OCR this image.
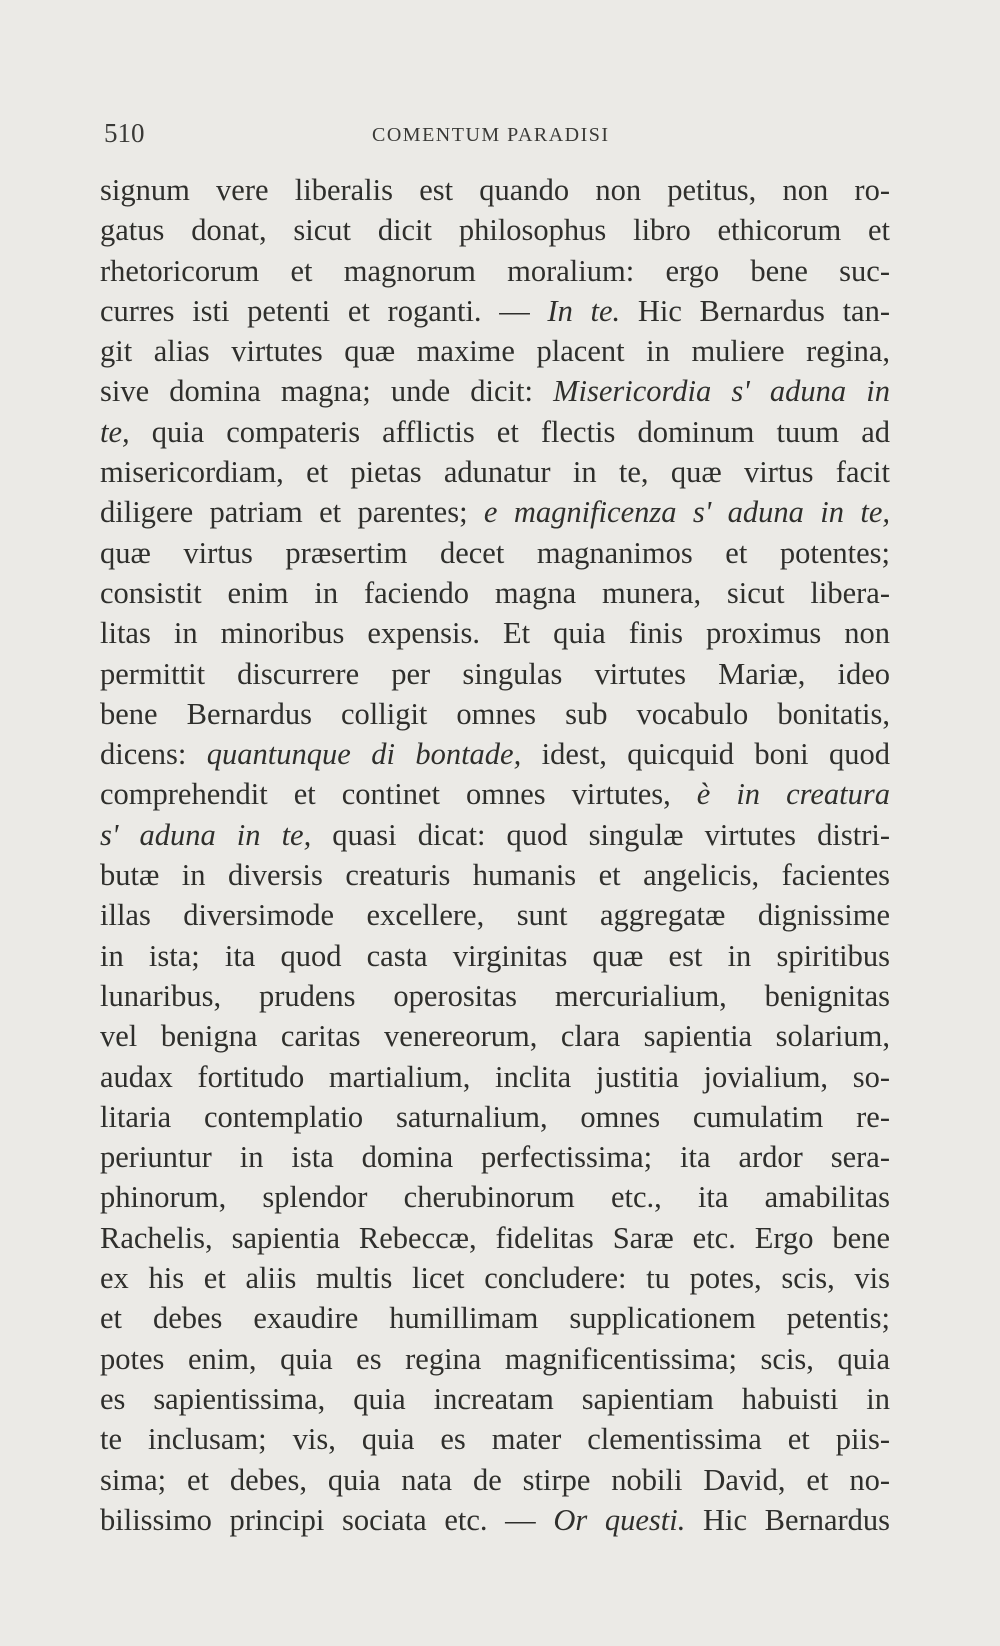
510	COMENTUM PARADISI
signum vere liberalis est quando non petitus, non ro-
gatus donat, sicut dicit philosophus libro ethicorum et
rhetoricorum et magnorum moralium: ergo bene suc-
curres isti petenti et roganti. — In te. Hic Bernardus tan-
git alias virtutes quæ maxime placent in muliere regina,
sive domina magna; unde dicit: Misericordia s' aduna in
te, quia compateris afflictis et flectis dominum tuum ad
misericordiam, et pietas adunatur in te, quæ virtus facit
diligere patriam et parentes; e magnificenza s' aduna in te,
quæ virtus præsertim decet magnanimos et potentes;
consistit enim in faciendo magna munera, sicut libera-
litas in minoribus expensis. Et quia finis proximus non
permittit discurrere per singulas virtutes Mariæ, ideo
bene Bernardus colligit omnes sub vocabulo bonitatis,
dicens: quantunque di bontade, idest, quicquid boni quod
comprehendit et continet omnes virtutes, è in creatura
s' aduna in te, quasi dicat: quod singulæ virtutes distri-
butæ in diversis creaturis humanis et angelicis, facientes
illas diversimode excellere, sunt aggregatæ dignissime
in ista; ita quod casta virginitas quæ est in spiritibus
lunaribus, prudens operositas mercurialium, benignitas
vel benigna caritas venereorum, clara sapientia solarium,
audax fortitudo martialium, inclita justitia jovialium, so-
litaria contemplatio saturnalium, omnes cumulatim re-
periuntur in ista domina perfectissima; ita ardor sera-
phinorum, splendor cherubinorum etc., ita amabilitas
Rachelis, sapientia Rebeccæ, fidelitas Saræ etc. Ergo bene
ex his et aliis multis licet concludere: tu potes, scis, vis
et debes exaudire humillimam supplicationem petentis;
potes enim, quia es regina magnificentissima; scis, quia
es sapientissima, quia increatam sapientiam habuisti in
te inclusam; vis, quia es mater clementissima et piis-
sima; et debes, quia nata de stirpe nobili David, et no-
bilissimo principi sociata etc. — Or questi. Hic Bernardus
